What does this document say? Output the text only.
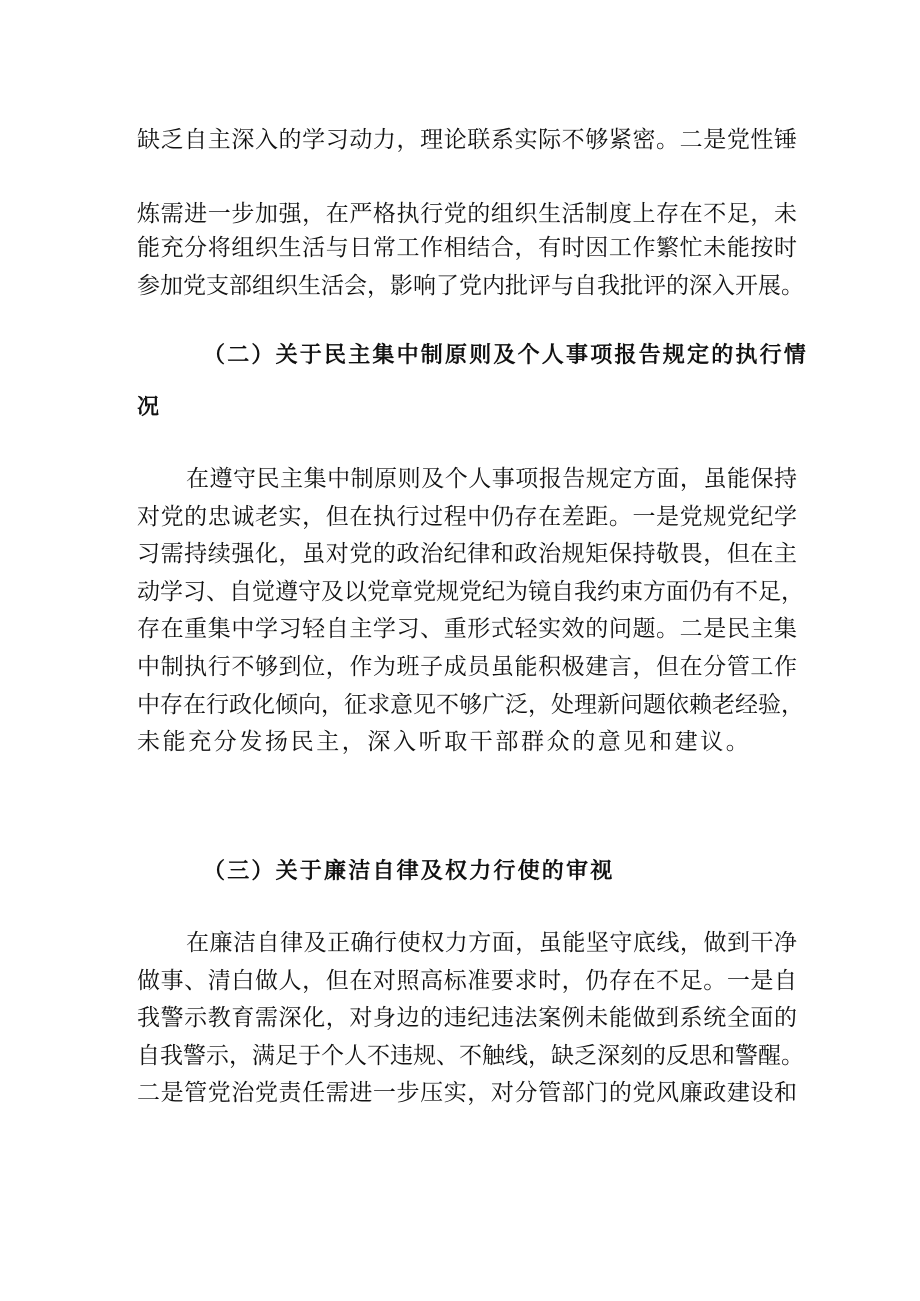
缺乏自主深入的学习动力，理论联系实际不够紧密。二是党性锤
炼需进一步加强，在严格执行党的组织生活制度上存在不足，未
能充分将组织生活与日常工作相结合，有时因工作繁忙未能按时
参加党支部组织生活会，影响了党内批评与自我批评的深入开展。
（二）关于民主集中制原则及个人事项报告规定的执行情
况
在遵守民主集中制原则及个人事项报告规定方面，虽能保持
对党的忠诚老实，但在执行过程中仍存在差距。一是党规党纪学
习需持续强化，虽对党的政治纪律和政治规矩保持敬畏，但在主
动学习、自觉遵守及以党章党规党纪为镜自我约束方面仍有不足，
存在重集中学习轻自主学习、重形式轻实效的问题。二是民主集
中制执行不够到位，作为班子成员虽能积极建言，但在分管工作
中存在行政化倾向，征求意见不够广泛，处理新问题依赖老经验，
未能充分发扬民主，深入听取干部群众的意见和建议。
（三）关于廉洁自律及权力行使的审视
在廉洁自律及正确行使权力方面，虽能坚守底线，做到干净
做事、清白做人，但在对照高标准要求时，仍存在不足。一是自
我警示教育需深化，对身边的违纪违法案例未能做到系统全面的
自我警示，满足于个人不违规、不触线，缺乏深刻的反思和警醒。
二是管党治党责任需进一步压实，对分管部门的党风廉政建设和
